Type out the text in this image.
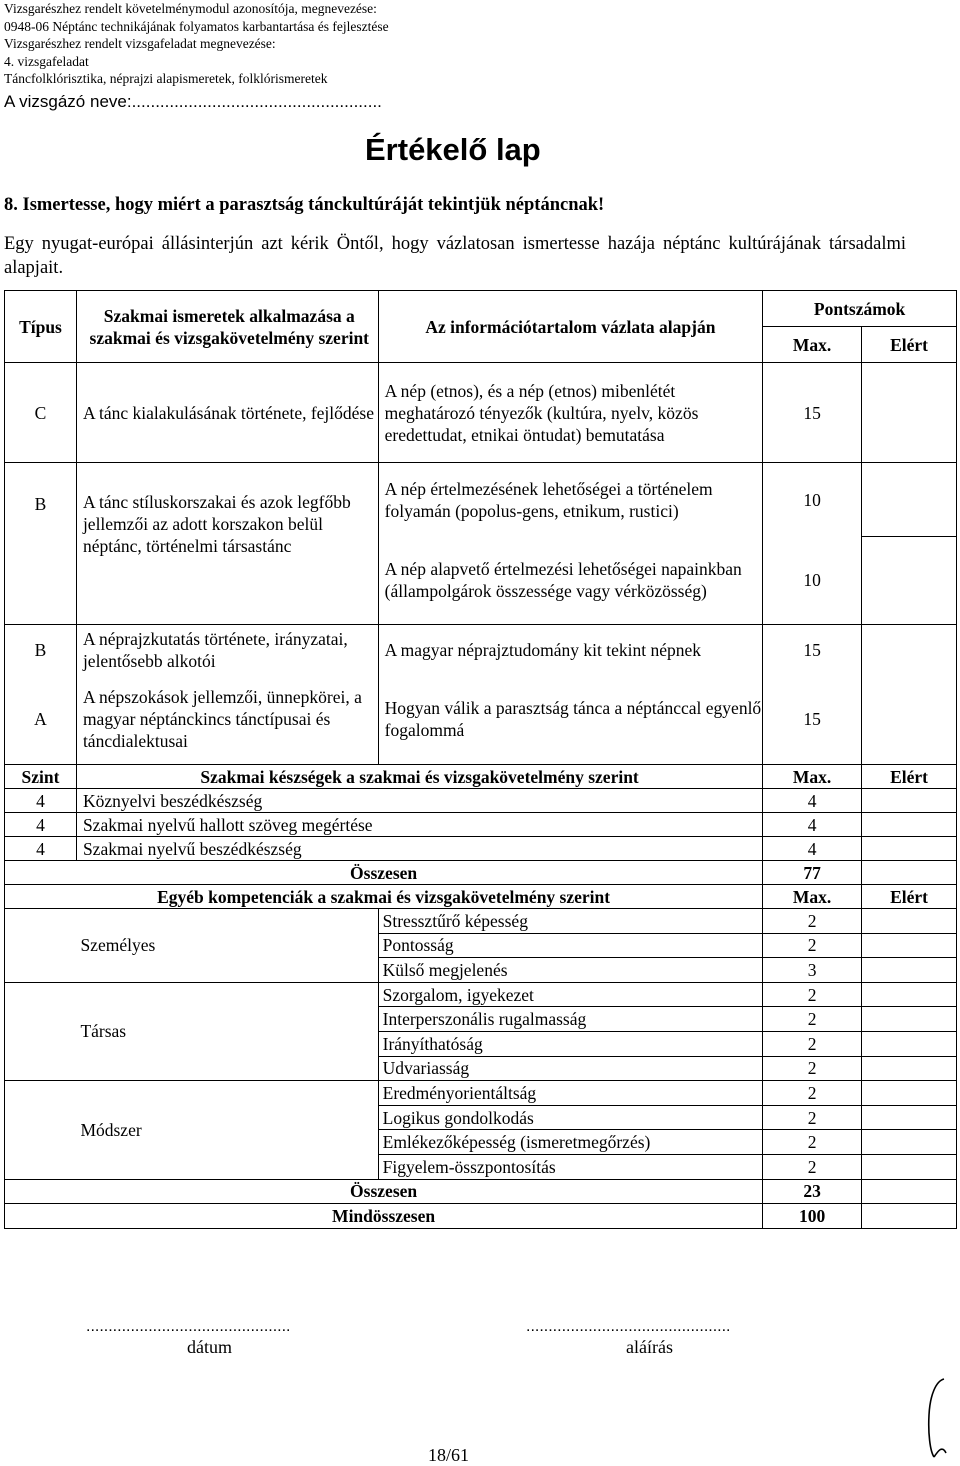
Vizsgarészhez rendelt követelménymodul azonosítója, megnevezése:
0948-06 Néptánc technikájának folyamatos karbantartása és fejlesztése
Vizsgarészhez rendelt vizsgafeladat megnevezése:
4. vizsgafeladat
Táncfolklórisztika, néprajzi alapismeretek, folklórismeretek
A vizsgázó neve:.....................................................
Értékelő lap
8. Ismertesse, hogy miért a parasztság tánckultúráját tekintjük néptáncnak!
Egy nyugat-európai állásinterjún azt kérik Öntől, hogy vázlatosan ismertesse hazája néptánc kultúrájának társadalmi alapjait.
Típus	Szakmai ismeretek alkalmazása a szakmai és vizsgakövetelmény szerint	Az információtartalom vázlata alapján	Pontszámok	
			Max.	Elért
C	A tánc kialakulásának története, fejlődése	A nép (etnos), és a nép (etnos) mibenlétét meghatározó tényezők (kultúra, nyelv, közös eredettudat, etnikai öntudat) bemutatása	15	
B	A tánc stíluskorszakai és azok legfőbb jellemzői az adott korszakon belül néptánc, történelmi társastánc	A nép értelmezésének lehetőségei a történelem folyamán (popolus-gens, etnikum, rustici)	10	
		A nép alapvető értelmezési lehetőségei napainkban (állampolgárok összessége vagy vérközösség)	10	
B	A néprajzkutatás története, irányzatai, jelentősebb alkotói	A magyar néprajztudomány kit tekint népnek	15	
A	A népszokások jellemzői, ünnepkörei, a magyar néptánckincs tánctípusai és táncdialektusai	Hogyan válik a parasztság tánca a néptánccal egyenlő fogalommá	15	
Szint	Szakmai készségek a szakmai és vizsgakövetelmény szerint		Max.	Elért
4	Köznyelvi beszédkészség		4	
4	Szakmai nyelvű hallott szöveg megértése		4	
4	Szakmai nyelvű beszédkészség		4	
Összesen			77	
Egyéb kompetenciák a szakmai és vizsgakövetelmény szerint			Max.	Elért
	Személyes	Stressztűrő képesség	2	
		Pontosság	2	
		Külső megjelenés	3	
	Társas	Szorgalom, igyekezet	2	
		Interperszonális rugalmasság	2	
		Irányíthatóság	2	
		Udvariasság	2	
	Módszer	Eredményorientáltság	2	
		Logikus gondolkodás	2	
		Emlékezőképesség (ismeretmegőrzés)	2	
		Figyelem-összpontosítás	2	
Összesen			23	
Mindösszesen			100	
..............................................
dátum
..............................................
aláírás
18/61
